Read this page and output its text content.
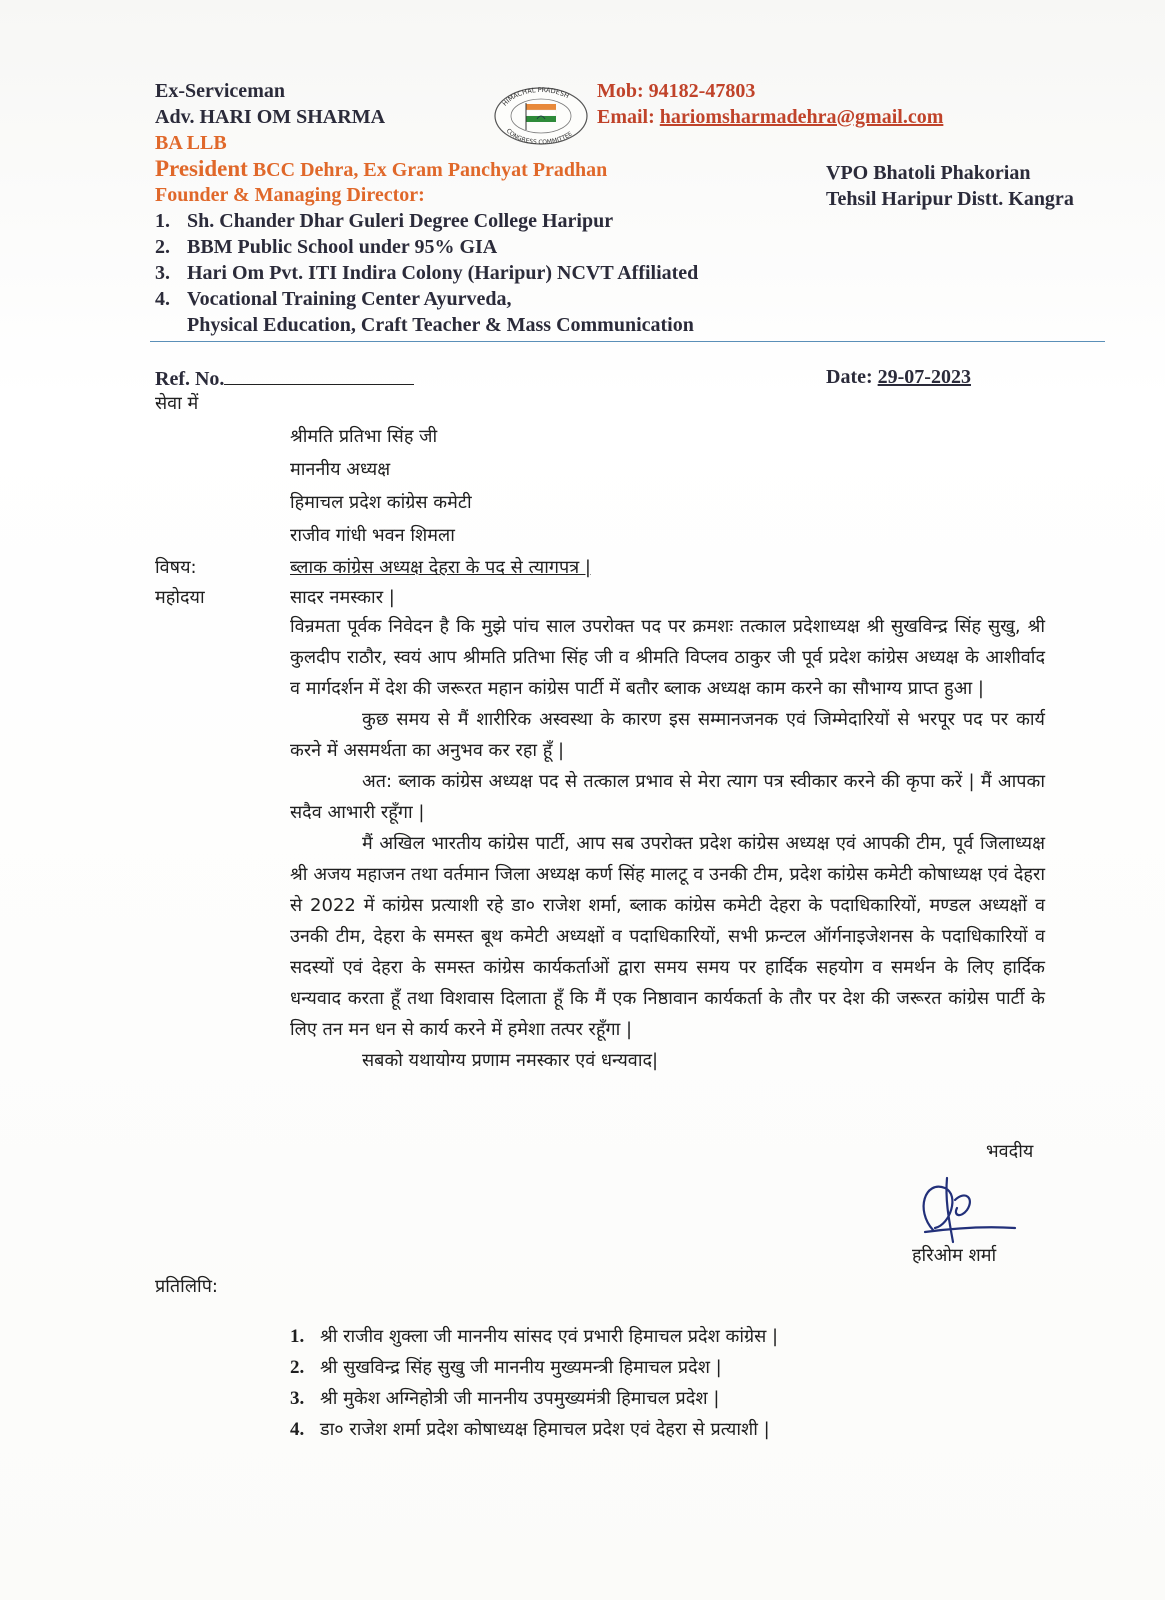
Ex-Serviceman
Adv. HARI OM SHARMA
BA LLB
President BCC Dehra, Ex Gram Panchyat Pradhan
Founder & Managing Director:
1. Sh. Chander Dhar Guleri Degree College Haripur
2. BBM Public School under 95% GIA
3. Hari Om Pvt. ITI Indira Colony (Haripur) NCVT Affiliated
4. Vocational Training Center Ayurveda,
Physical Education, Craft Teacher & Mass Communication
HIMACHAL PRADESH
CONGRESS COMMITTEE
Mob: 94182-47803
Email: hariomsharmadehra@gmail.com
VPO Bhatoli Phakorian
Tehsil Haripur Distt. Kangra
Ref. No.	Date: 29-07-2023
सेवा में
श्रीमति प्रतिभा सिंह जी
माननीय अध्यक्ष
हिमाचल प्रदेश कांग्रेस कमेटी
राजीव गांधी भवन शिमला
विषय:	ब्लाक कांग्रेस अध्यक्ष देहरा के पद से त्यागपत्र |
महोदया	सादर नमस्कार |

विन्रमता पूर्वक निवेदन है कि मुझे पांच साल उपरोक्त पद पर क्रमशः तत्काल प्रदेशाध्यक्ष श्री सुखविन्द्र सिंह सुखु, श्री कुलदीप राठौर, स्वयं आप श्रीमति प्रतिभा सिंह जी व श्रीमति विप्लव ठाकुर जी पूर्व प्रदेश कांग्रेस अध्यक्ष के आशीर्वाद व मार्गदर्शन में देश की जरूरत महान कांग्रेस पार्टी में बतौर ब्लाक अध्यक्ष काम करने का सौभाग्य प्राप्त हुआ |

कुछ समय से मैं शारीरिक अस्वस्था के कारण इस सम्मानजनक एवं जिम्मेदारियों से भरपूर पद पर कार्य करने में असमर्थता का अनुभव कर रहा हूँ |

अत: ब्लाक कांग्रेस अध्यक्ष पद से तत्काल प्रभाव से मेरा त्याग पत्र स्वीकार करने की कृपा करें | मैं आपका सदैव आभारी रहूँगा |

मैं अखिल भारतीय कांग्रेस पार्टी, आप सब उपरोक्त प्रदेश कांग्रेस अध्यक्ष एवं आपकी टीम, पूर्व जिलाध्यक्ष श्री अजय महाजन तथा वर्तमान जिला अध्यक्ष कर्ण सिंह मालटू व उनकी टीम, प्रदेश कांग्रेस कमेटी कोषाध्यक्ष एवं देहरा से 2022 में कांग्रेस प्रत्याशी रहे डा० राजेश शर्मा, ब्लाक कांग्रेस कमेटी देहरा के पदाधिकारियों, मण्डल अध्यक्षों व उनकी टीम, देहरा के समस्त बूथ कमेटी अध्यक्षों व पदाधिकारियों, सभी फ्रन्टल ऑर्गनाइजेशनस के पदाधिकारियों व सदस्यों एवं देहरा के समस्त कांग्रेस कार्यकर्ताओं द्वारा समय समय पर हार्दिक सहयोग व समर्थन के लिए हार्दिक धन्यवाद करता हूँ तथा विशवास दिलाता हूँ कि मैं एक निष्ठावान कार्यकर्ता के तौर पर देश की जरूरत कांग्रेस पार्टी के लिए तन मन धन से कार्य करने में हमेशा तत्पर रहूँगा |

सबको यथायोग्य प्रणाम नमस्कार एवं धन्यवाद|

भवदीय
हरिओम शर्मा
प्रतिलिपि:
1. श्री राजीव शुक्ला जी माननीय सांसद एवं प्रभारी हिमाचल प्रदेश कांग्रेस |
2. श्री सुखविन्द्र सिंह सुखु जी माननीय मुख्यमन्त्री हिमाचल प्रदेश |
3. श्री मुकेश अग्निहोत्री जी माननीय उपमुख्यमंत्री हिमाचल प्रदेश |
4. डा० राजेश शर्मा प्रदेश कोषाध्यक्ष हिमाचल प्रदेश एवं देहरा से प्रत्याशी |
